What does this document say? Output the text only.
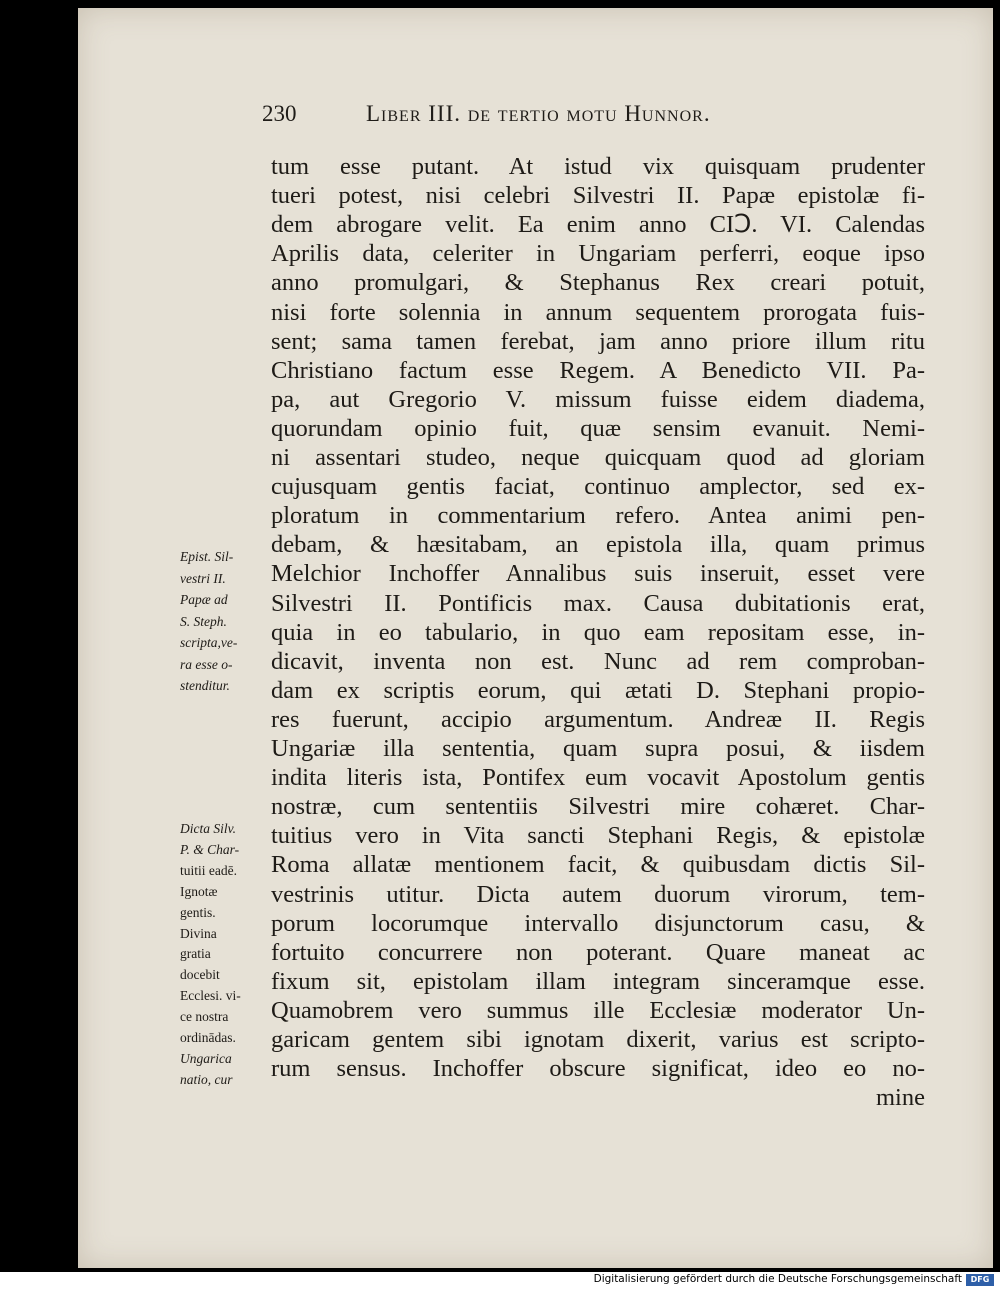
230	Liber III. de tertio motu Hunnor.
tum esse putant. At istud vix quisquam prudenter
tueri potest, nisi celebri Silvestri II. Papæ epistolæ fi-
dem abrogare velit. Ea enim anno CIↃ. VI. Calendas
Aprilis data, celeriter in Ungariam perferri, eoque ipso
anno promulgari, & Stephanus Rex creari potuit,
nisi forte solennia in annum sequentem prorogata fuis-
sent; sama tamen ferebat, jam anno priore illum ritu
Christiano factum esse Regem. A Benedicto VII. Pa-
pa, aut Gregorio V. missum fuisse eidem diadema,
quorundam opinio fuit, quæ sensim evanuit. Nemi-
ni assentari studeo, neque quicquam quod ad gloriam
cujusquam gentis faciat, continuo amplector, sed ex-
ploratum in commentarium refero. Antea animi pen-
debam, & hæsitabam, an epistola illa, quam primus
Melchior Inchoffer Annalibus suis inseruit, esset vere
Silvestri II. Pontificis max. Causa dubitationis erat,
quia in eo tabulario, in quo eam repositam esse, in-
dicavit, inventa non est. Nunc ad rem comproban-
dam ex scriptis eorum, qui ætati D. Stephani propio-
res fuerunt, accipio argumentum. Andreæ II. Regis
Ungariæ illa sententia, quam supra posui, & iisdem
indita literis ista, Pontifex eum vocavit Apostolum gentis
nostræ, cum sententiis Silvestri mire cohæret. Char-
tuitius vero in Vita sancti Stephani Regis, & epistolæ
Roma allatæ mentionem facit, & quibusdam dictis Sil-
vestrinis utitur. Dicta autem duorum virorum, tem-
porum locorumque intervallo disjunctorum casu, &
fortuito concurrere non poterant. Quare maneat ac
fixum sit, epistolam illam integram sinceramque esse.
Quamobrem vero summus ille Ecclesiæ moderator Un-
garicam gentem sibi ignotam dixerit, varius est scripto-
rum sensus. Inchoffer obscure significat, ideo eo no-
mine
Epist. Sil-
vestri II.
Papæ ad
S. Steph.
scripta,ve-
ra esse o-
stenditur.
Dicta Silv.
P. & Char-
tuitii eadē.
Ignotæ
gentis.
Divina
gratia
docebit
Ecclesi. vi-
ce nostra
ordinādas.
Ungarica
natio, cur
Digitalisierung gefördert durch die Deutsche Forschungsgemeinschaft	DFG
